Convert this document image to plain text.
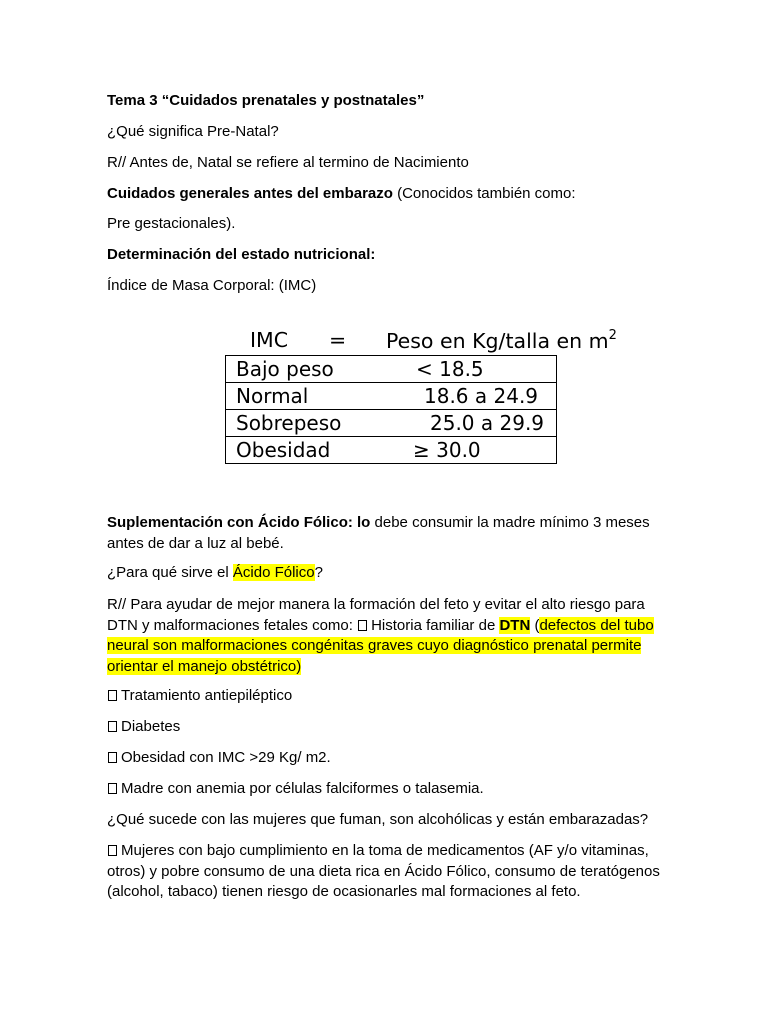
Tema 3 “Cuidados prenatales y postnatales”
¿Qué significa Pre-Natal?
R// Antes de, Natal se refiere al termino de Nacimiento
Cuidados generales antes del embarazo (Conocidos también como:
Pre gestacionales).
Determinación del estado nutricional:
Índice de Masa Corporal: (IMC)
IMC = Peso en Kg/talla en $m^2$
Bajo peso	< 18.5
Normal	18.6 a 24.9
Sobrepeso	25.0 a 29.9
Obesidad	≥ 30.0
Suplementación con Ácido Fólico: lo debe consumir la madre mínimo 3 meses antes de dar a luz al bebé.
¿Para qué sirve el Ácido Fólico?
R// Para ayudar de mejor manera la formación del feto y evitar el alto riesgo para DTN y malformaciones fetales como: Historia familiar de DTN (defectos del tubo neural son malformaciones congénitas graves cuyo diagnóstico prenatal permite orientar el manejo obstétrico)
Tratamiento antiepiléptico
Diabetes
Obesidad con IMC >29 Kg/ m2.
Madre con anemia por células falciformes o talasemia.
¿Qué sucede con las mujeres que fuman, son alcohólicas y están embarazadas?
Mujeres con bajo cumplimiento en la toma de medicamentos (AF y/o vitaminas, otros) y pobre consumo de una dieta rica en Ácido Fólico, consumo de teratógenos (alcohol, tabaco) tienen riesgo de ocasionarles mal formaciones al feto.
